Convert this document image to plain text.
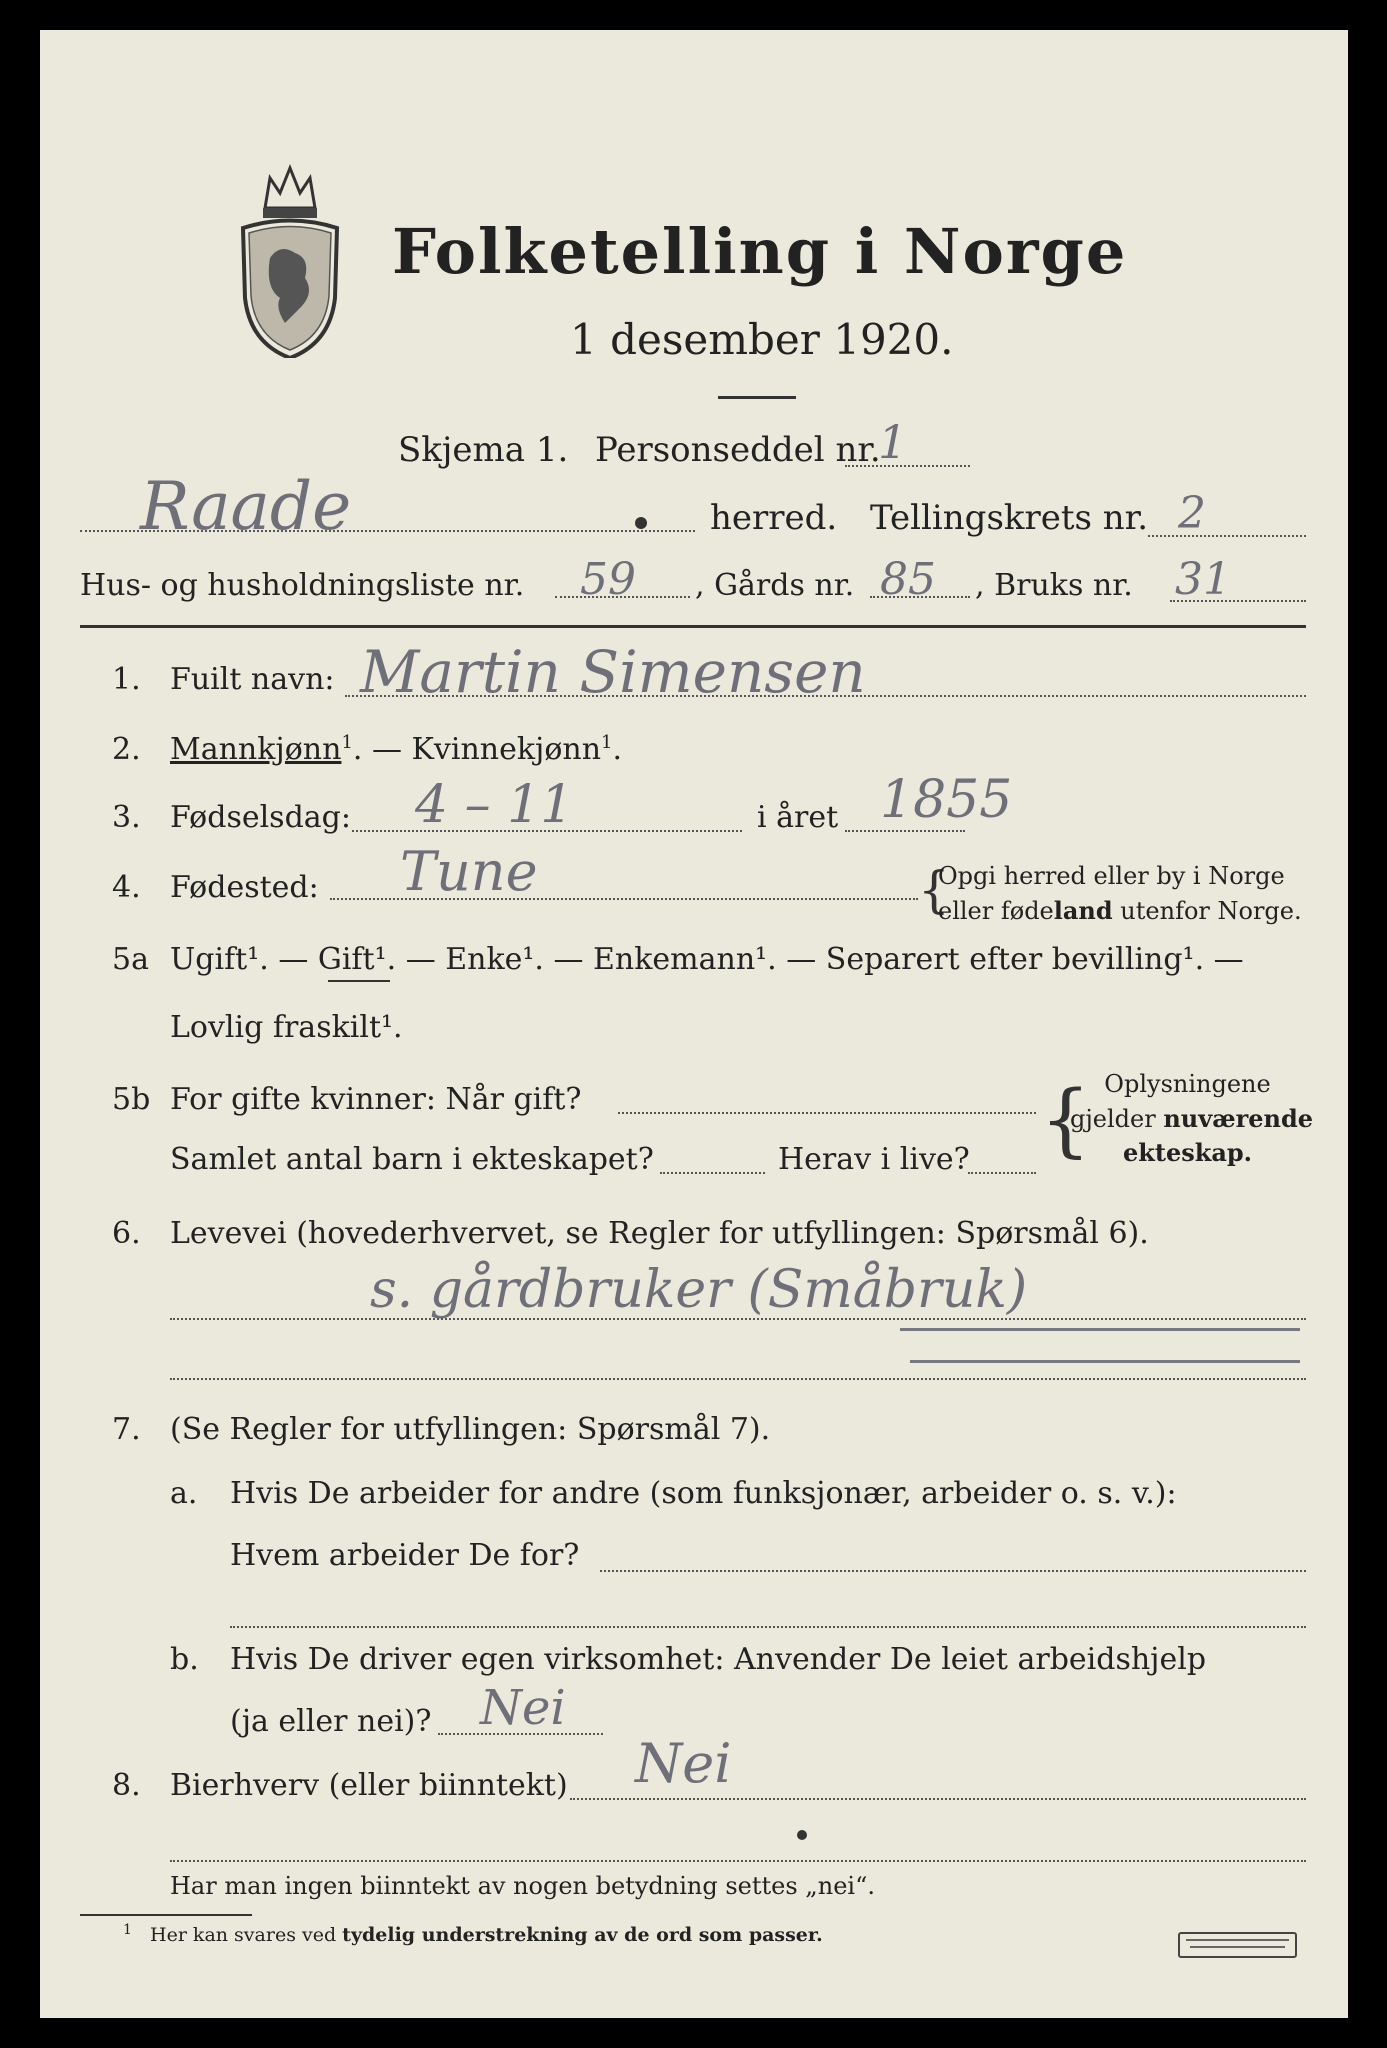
Folketelling i Norge
1 desember 1920.
Skjema 1. Personseddel nr.
1
Raade	herred. Tellingskrets nr. 2
Hus- og husholdningsliste nr. 59 , Gårds nr. 85 , Bruks nr. 31
1. Fuilt navn: Martin Simensen
2. Mannkjønn$^1$. — Kvinnekjønn$^1$.
3. Fødselsdag: 4 – 11	i året 1855
4. Fødested: Tune	{
Opgi herred eller by i Norge
eller fødeland utenfor Norge.
5a Ugift¹. — Gift¹. — Enke¹. — Enkemann¹. — Separert efter bevilling¹. —
Lovlig fraskilt¹.
5b For gifte kvinner: Når gift?
Samlet antal barn i ekteskapet?	Herav i live? { Oplysningene
gjelder nuværende
ekteskap.
6. Levevei (hovederhvervet, se Regler for utfyllingen: Spørsmål 6).
s. gårdbruker (Småbruk)
7. (Se Regler for utfyllingen: Spørsmål 7).
a. Hvis De arbeider for andre (som funksjonær, arbeider o. s. v.):
Hvem arbeider De for?
b. Hvis De driver egen virksomhet: Anvender De leiet arbeidshjelp
(ja eller nei)? Nei
8. Bierhverv (eller biinntekt) Nei
Har man ingen biinntekt av nogen betydning settes „nei“.
1 Her kan svares ved tydelig understrekning av de ord som passer.
